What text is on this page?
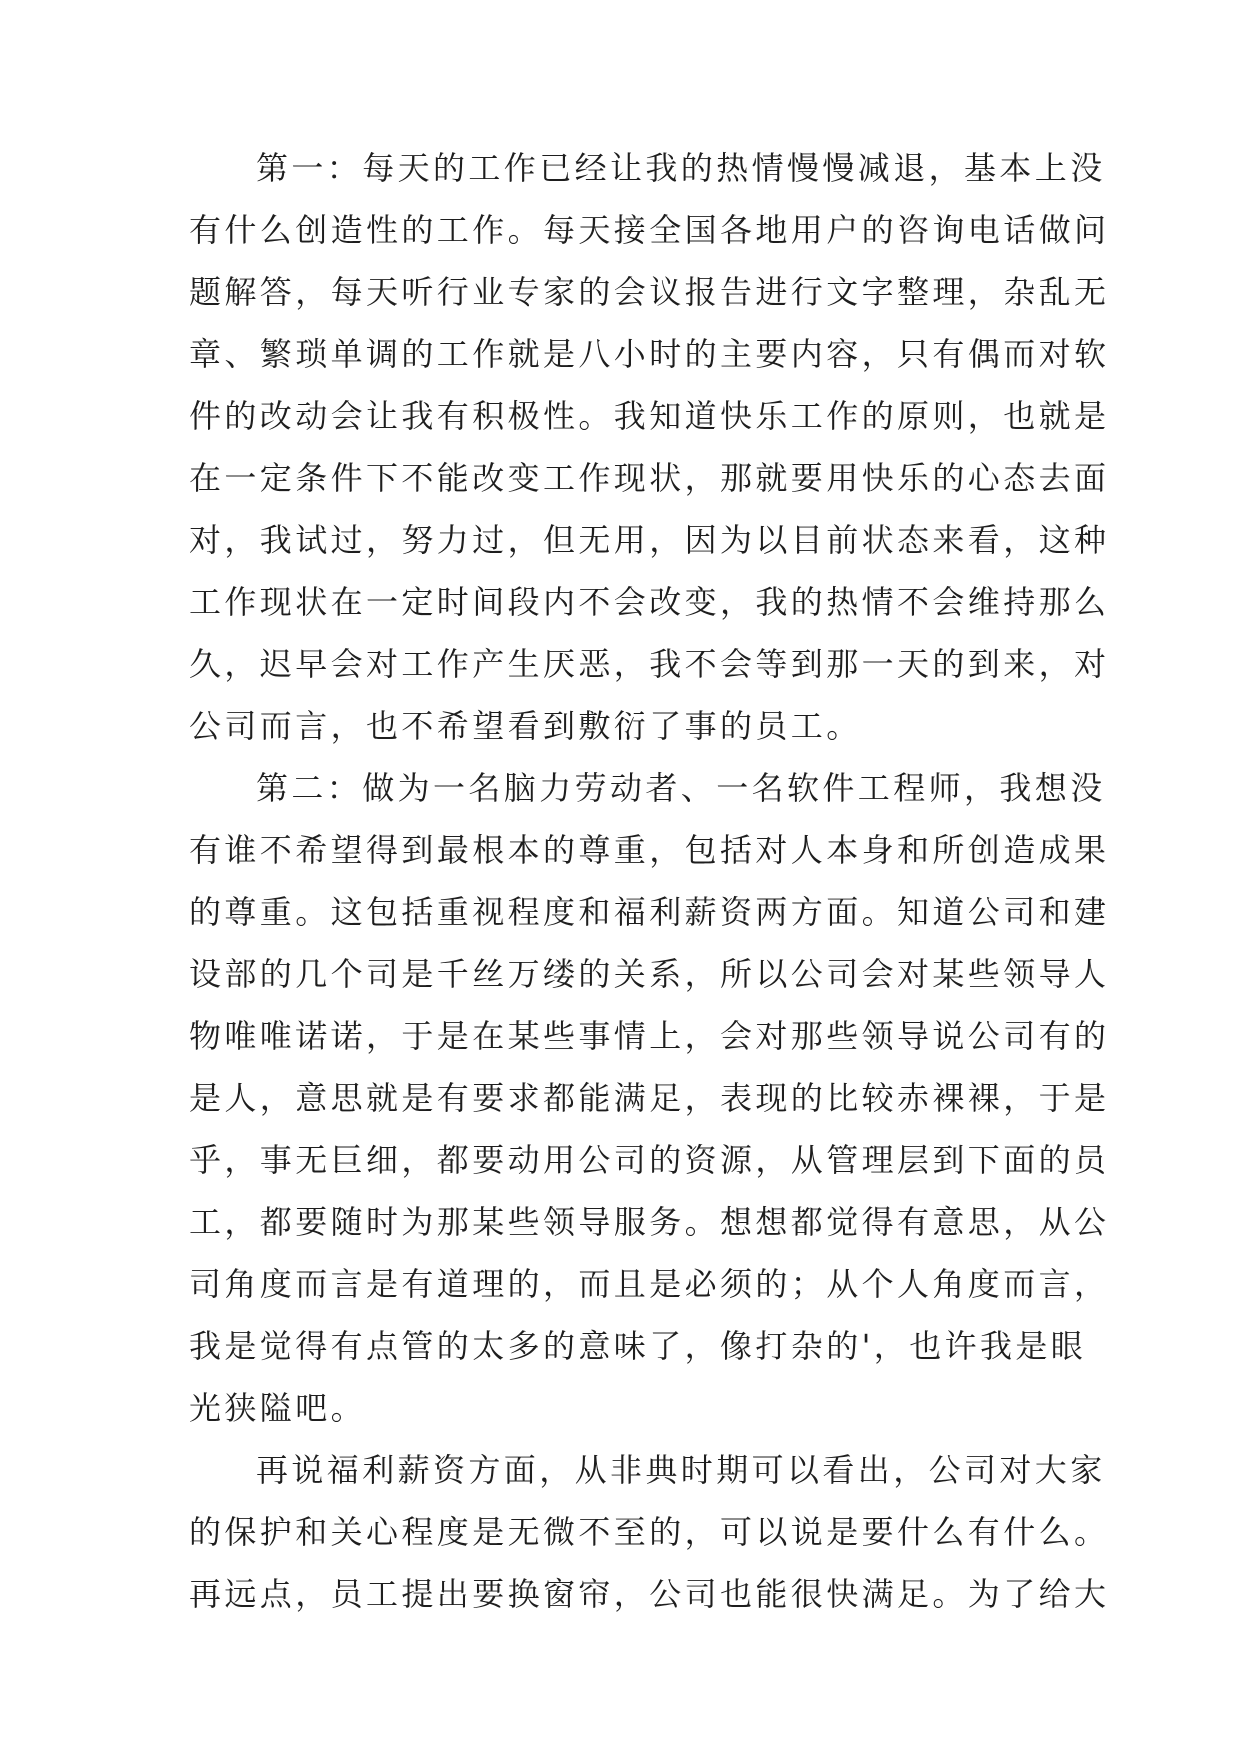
第一：每天的工作已经让我的热情慢慢减退，基本上没

有什么创造性的工作。每天接全国各地用户的咨询电话做问

题解答，每天听行业专家的会议报告进行文字整理，杂乱无

章、繁琐单调的工作就是八小时的主要内容，只有偶而对软

件的改动会让我有积极性。我知道快乐工作的原则，也就是

在一定条件下不能改变工作现状，那就要用快乐的心态去面

对，我试过，努力过，但无用，因为以目前状态来看，这种

工作现状在一定时间段内不会改变，我的热情不会维持那么

久，迟早会对工作产生厌恶，我不会等到那一天的到来，对

公司而言，也不希望看到敷衍了事的员工。

第二：做为一名脑力劳动者、一名软件工程师，我想没

有谁不希望得到最根本的尊重，包括对人本身和所创造成果

的尊重。这包括重视程度和福利薪资两方面。知道公司和建

设部的几个司是千丝万缕的关系，所以公司会对某些领导人

物唯唯诺诺，于是在某些事情上，会对那些领导说公司有的

是人，意思就是有要求都能满足，表现的比较赤裸裸，于是

乎，事无巨细，都要动用公司的资源，从管理层到下面的员

工，都要随时为那某些领导服务。想想都觉得有意思，从公

司角度而言是有道理的，而且是必须的；从个人角度而言，

我是觉得有点管的太多的意味了，像打杂的'，也许我是眼

光狭隘吧。

再说福利薪资方面，从非典时期可以看出，公司对大家

的保护和关心程度是无微不至的，可以说是要什么有什么。

再远点，员工提出要换窗帘，公司也能很快满足。为了给大
